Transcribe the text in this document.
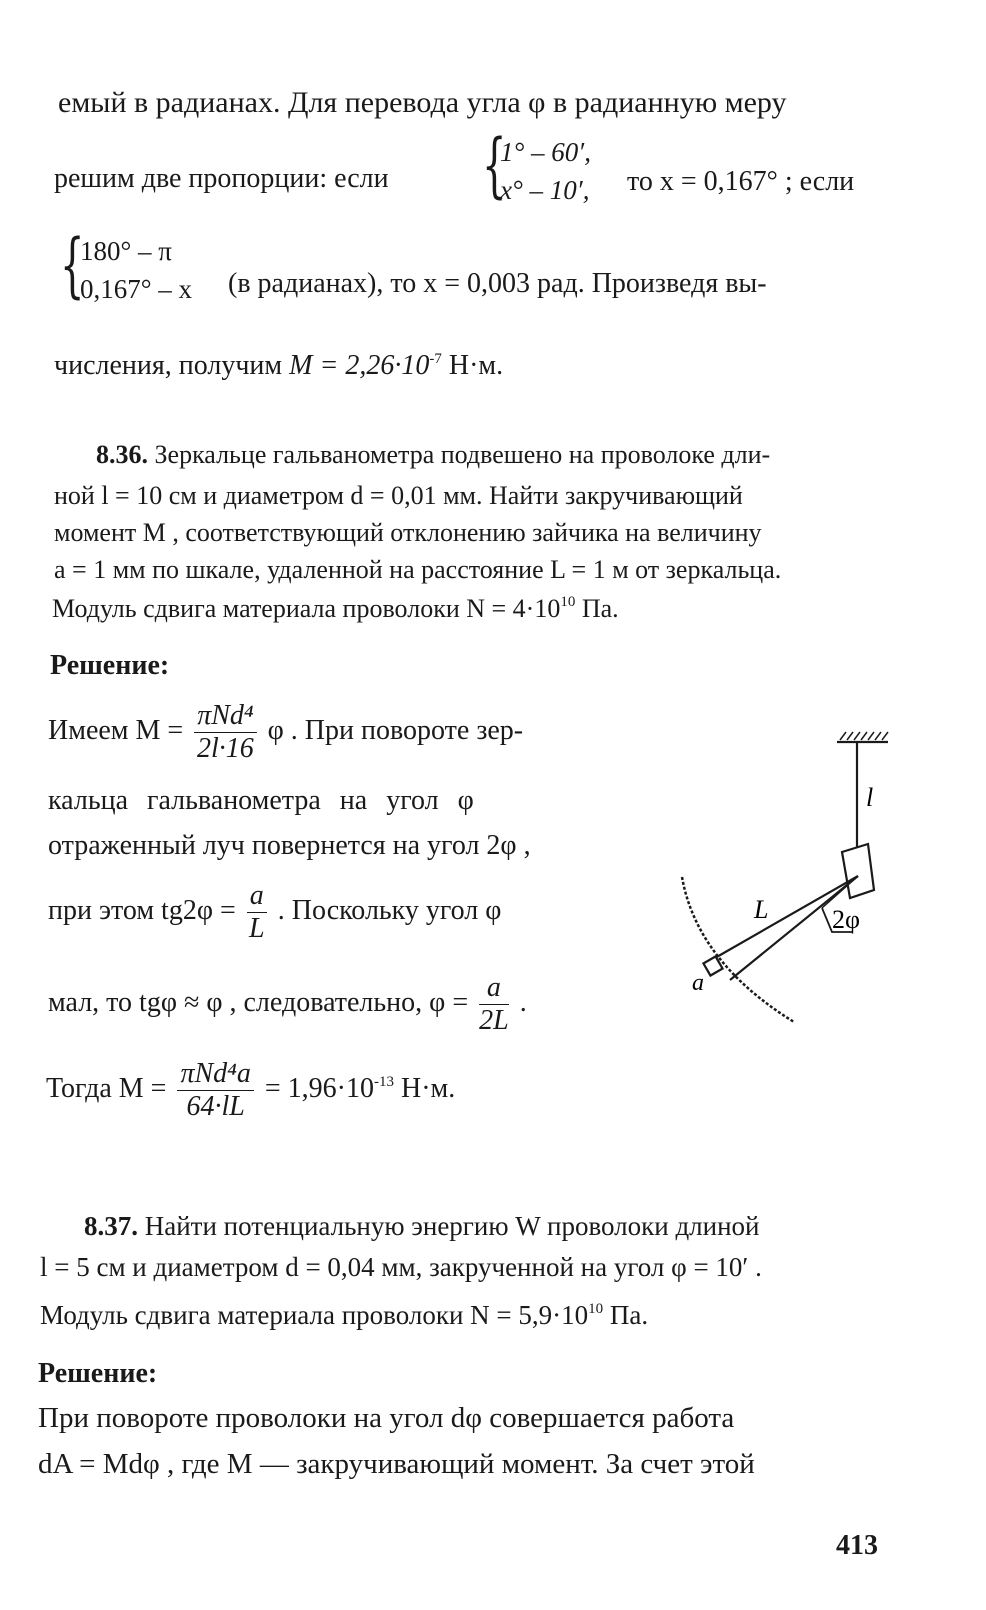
емый в радианах. Для перевода угла φ в радианную меру
решим две пропорции: если {
1° – 60′,
x° – 10′, то x = 0,167° ; если
{
180° – π
0,167° – x (в радианах), то x = 0,003 рад. Произведя вы-
числения, получим $M = 2,26\cdot 10^{-7}$ Н·м.
8.36. Зеркальце гальванометра подвешено на проволоке дли-
ной l = 10 см и диаметром d = 0,01 мм. Найти закручивающий
момент M , соответствующий отклонению зайчика на величину
a = 1 мм по шкале, удаленной на расстояние L = 1 м от зеркальца.
Модуль сдвига материала проволоки $N = 4\cdot 10^{10}$ Па.
Решение:
Имеем $M = \frac{\text{πNd⁴}}{2l\cdot 16}$ φ . При повороте зер-
кальца гальванометра на угол φ
отраженный луч повернется на угол 2φ ,
при этом $tg2\varphi = \frac{a}{L}$ . Поскольку угол φ
мал, то tgφ ≈ φ , следовательно, $\varphi = \frac{a}{2L}$ .
Тогда $M = \frac{\text{πNd⁴a}}{64\cdot lL} = 1,96\cdot 10^{-13}$ Н·м.
l
L 2φ
a
8.37. Найти потенциальную энергию W проволоки длиной
l = 5 см и диаметром d = 0,04 мм, закрученной на угол φ = 10′ .
Модуль сдвига материала проволоки $N = 5,9\cdot 10^{10}$ Па.
Решение:
При повороте проволоки на угол dφ совершается работа
dA = Mdφ , где M — закручивающий момент. За счет этой
413
